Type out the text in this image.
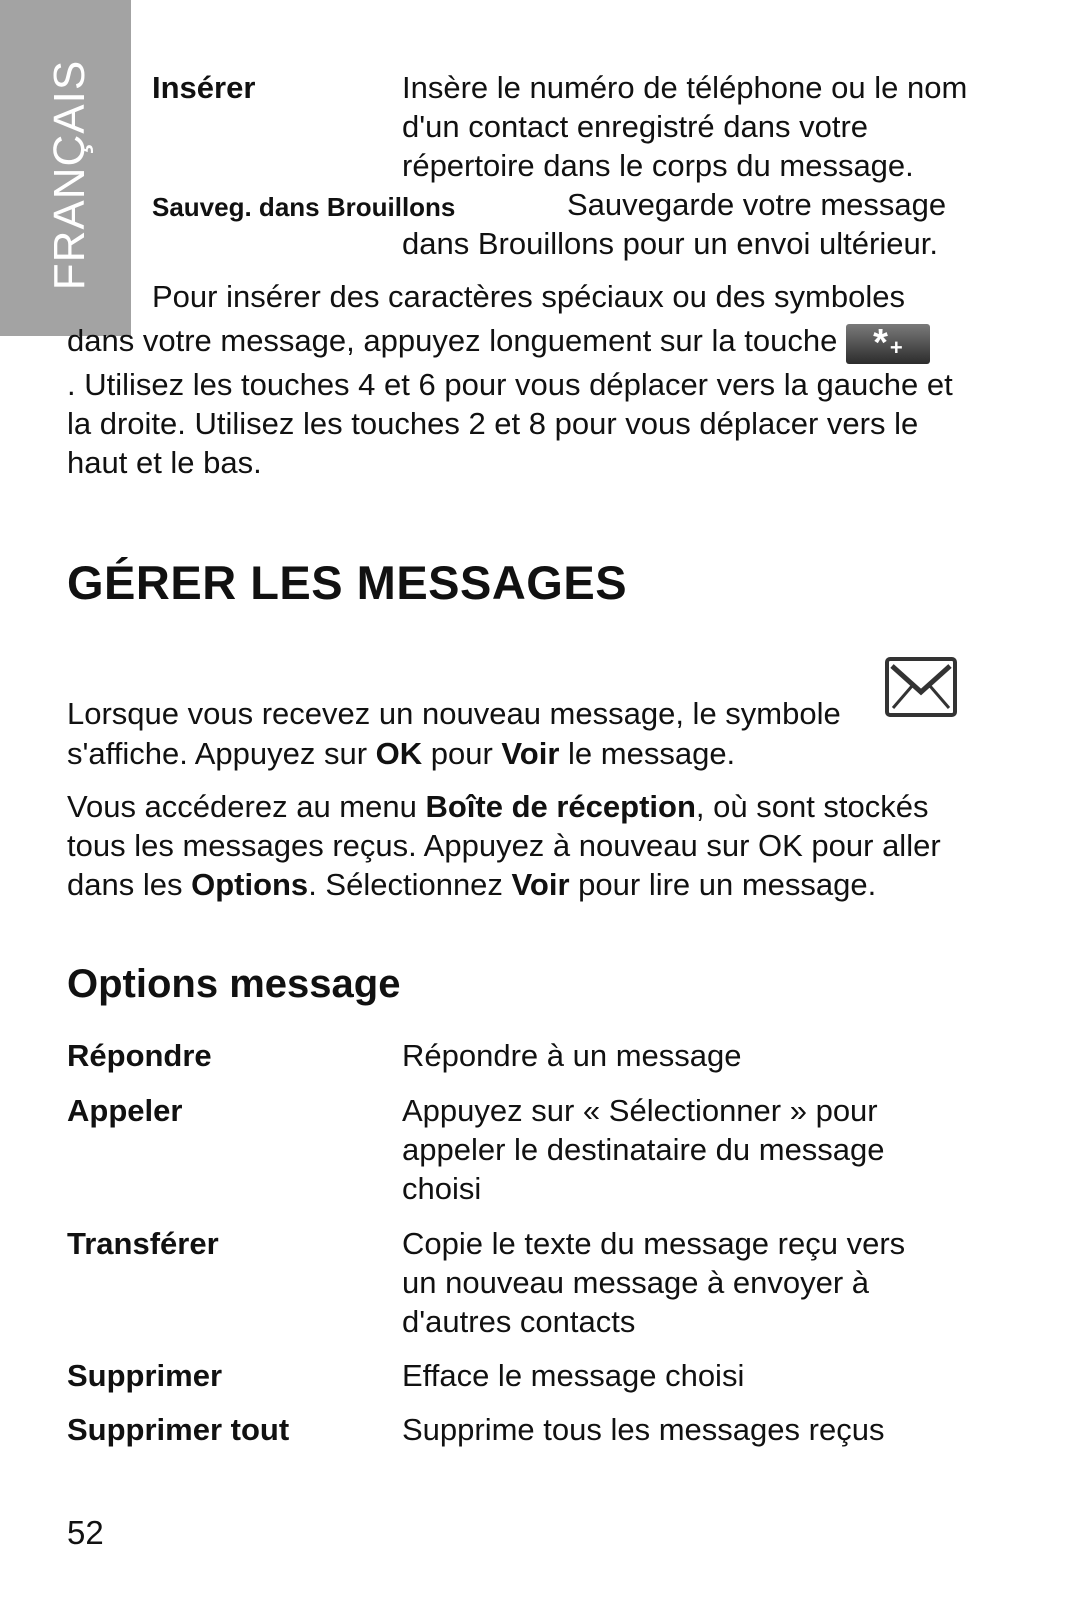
FRANÇAIS Insérer	Insère le numéro de téléphone ou le nom d'un contact enregistré dans votre répertoire dans le corps du message.
Sauveg. dans Brouillons	Sauvegarde votre message
dans Brouillons pour un envoi ultérieur.
Pour insérer des caractères spéciaux ou des symboles
dans votre message, appuyez longuement sur la touche *+
. Utilisez les touches 4 et 6 pour vous déplacer vers la gauche et la droite. Utilisez les touches 2 et 8 pour vous déplacer vers le haut et le bas.
GÉRER LES MESSAGES
Lorsque vous recevez un nouveau message, le symbole
s'affiche. Appuyez sur OK pour Voir le message.
Vous accéderez au menu Boîte de réception, où sont stockés tous les messages reçus. Appuyez à nouveau sur OK pour aller dans les Options. Sélectionnez Voir pour lire un message.
Options message
Répondre	Répondre à un message
Appeler	Appuyez sur « Sélectionner » pour appeler le destinataire du message choisi
Transférer	Copie le texte du message reçu vers un nouveau message à envoyer à d'autres contacts
Supprimer	Efface le message choisi
Supprimer tout	Supprime tous les messages reçus
52
